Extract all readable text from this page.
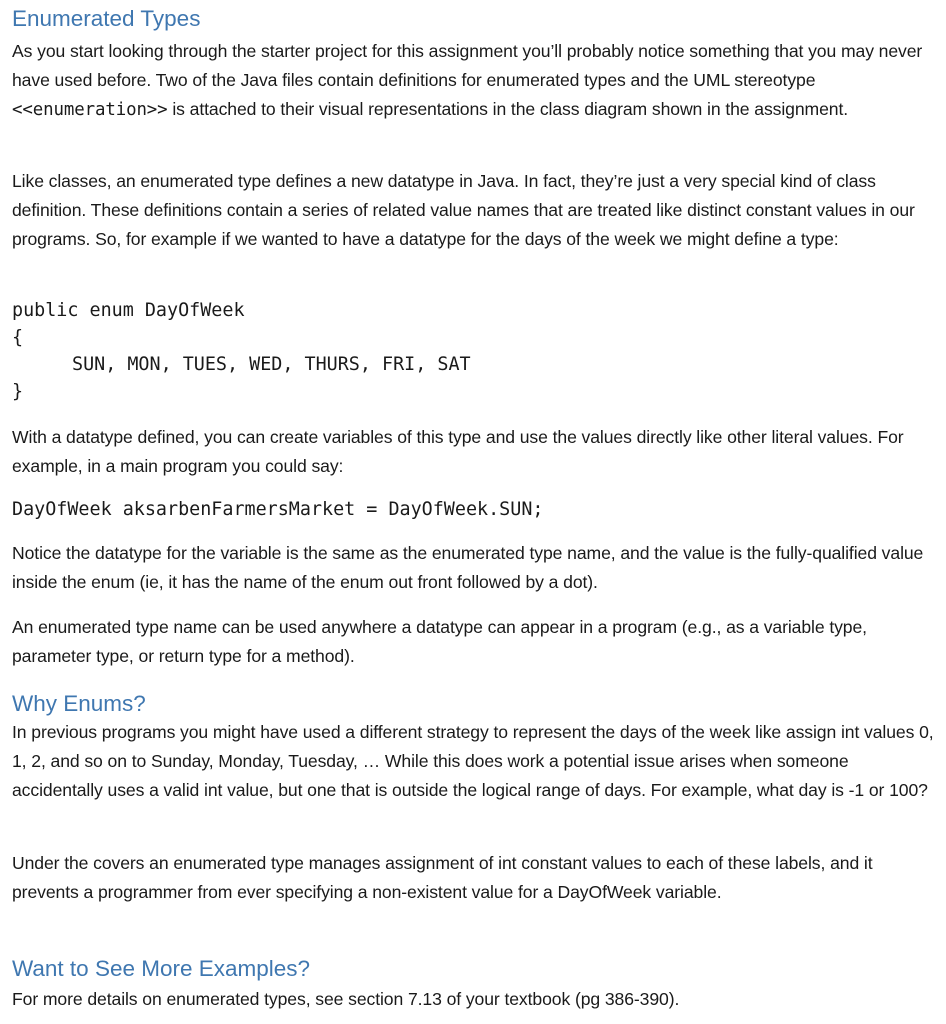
Enumerated Types

As you start looking through the starter project for this assignment you’ll probably notice something that you may never have used before. Two of the Java files contain definitions for enumerated types and the UML stereotype <<enumeration>> is attached to their visual representations in the class diagram shown in the assignment.

Like classes, an enumerated type defines a new datatype in Java. In fact, they’re just a very special kind of class definition. These definitions contain a series of related value names that are treated like distinct constant values in our programs. So, for example if we wanted to have a datatype for the days of the week we might define a type:

public enum DayOfWeek
{
SUN, MON, TUES, WED, THURS, FRI, SAT
}

With a datatype defined, you can create variables of this type and use the values directly like other literal values. For example, in a main program you could say:

DayOfWeek aksarbenFarmersMarket = DayOfWeek.SUN;

Notice the datatype for the variable is the same as the enumerated type name, and the value is the fully-qualified value inside the enum (ie, it has the name of the enum out front followed by a dot).

An enumerated type name can be used anywhere a datatype can appear in a program (e.g., as a variable type, parameter type, or return type for a method).

Why Enums?

In previous programs you might have used a different strategy to represent the days of the week like assign int values 0, 1, 2, and so on to Sunday, Monday, Tuesday, … While this does work a potential issue arises when someone accidentally uses a valid int value, but one that is outside the logical range of days. For example, what day is -1 or 100?

Under the covers an enumerated type manages assignment of int constant values to each of these labels, and it prevents a programmer from ever specifying a non-existent value for a DayOfWeek variable.

Want to See More Examples?

For more details on enumerated types, see section 7.13 of your textbook (pg 386-390).
